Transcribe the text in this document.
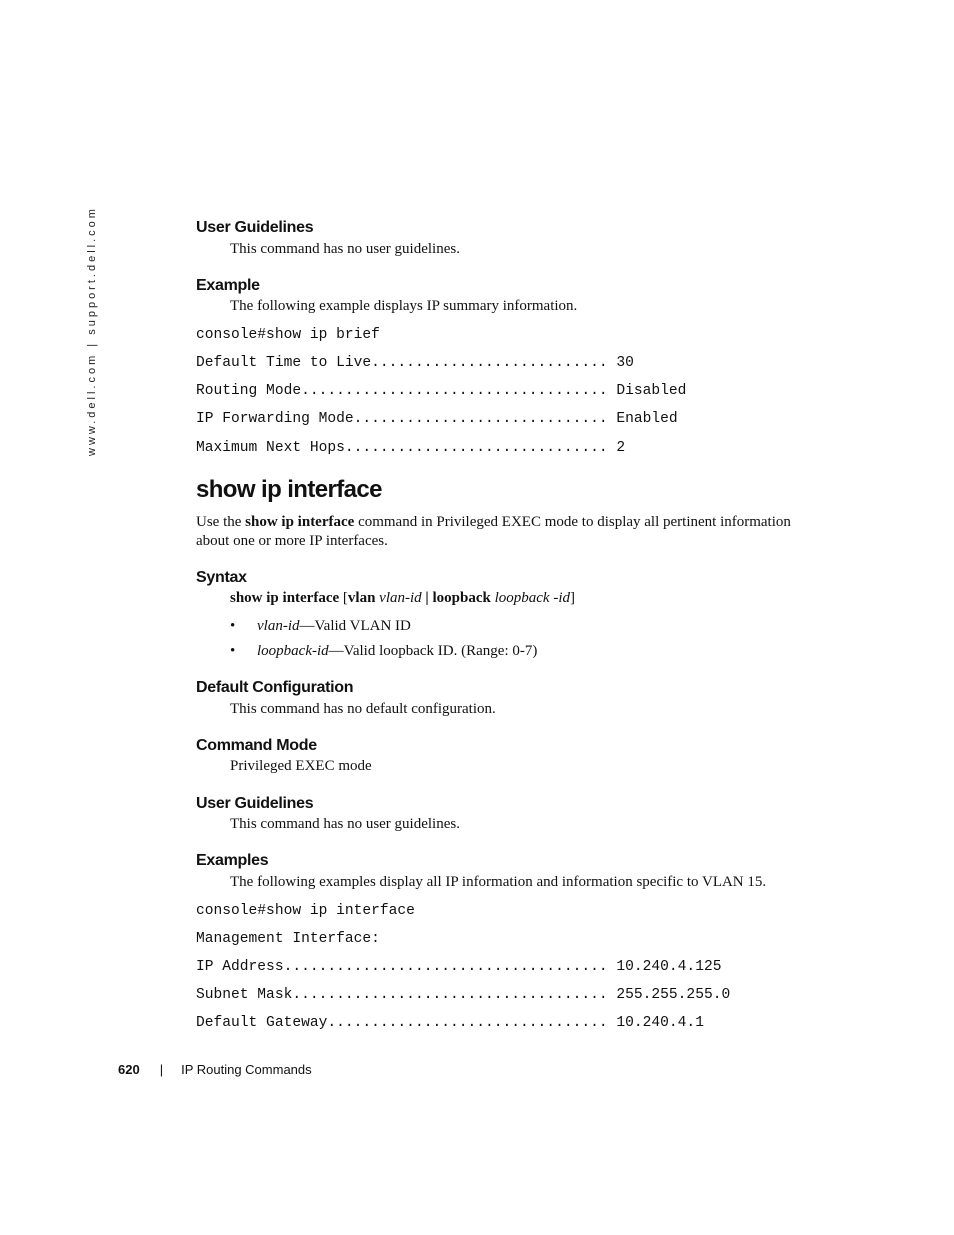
www.dell.com | support.dell.com	User Guidelines

This command has no user guidelines.

Example

The following example displays IP summary information.

console#show ip brief
Default Time to Live........................... 30
Routing Mode................................... Disabled
IP Forwarding Mode............................. Enabled
Maximum Next Hops.............................. 2
show ip interface

Use the show ip interface command in Privileged EXEC mode to display all pertinent information about one or more IP interfaces.

Syntax

show ip interface [vlan vlan-id | loopback loopback -id]

• vlan-id—Valid VLAN ID

• loopback-id—Valid loopback ID. (Range: 0-7)

Default Configuration

This command has no default configuration.

Command Mode

Privileged EXEC mode

User Guidelines

This command has no user guidelines.

Examples

The following examples display all IP information and information specific to VLAN 15.

console#show ip interface
Management Interface:
IP Address..................................... 10.240.4.125
Subnet Mask.................................... 255.255.255.0
Default Gateway................................ 10.240.4.1
620 | IP Routing Commands
